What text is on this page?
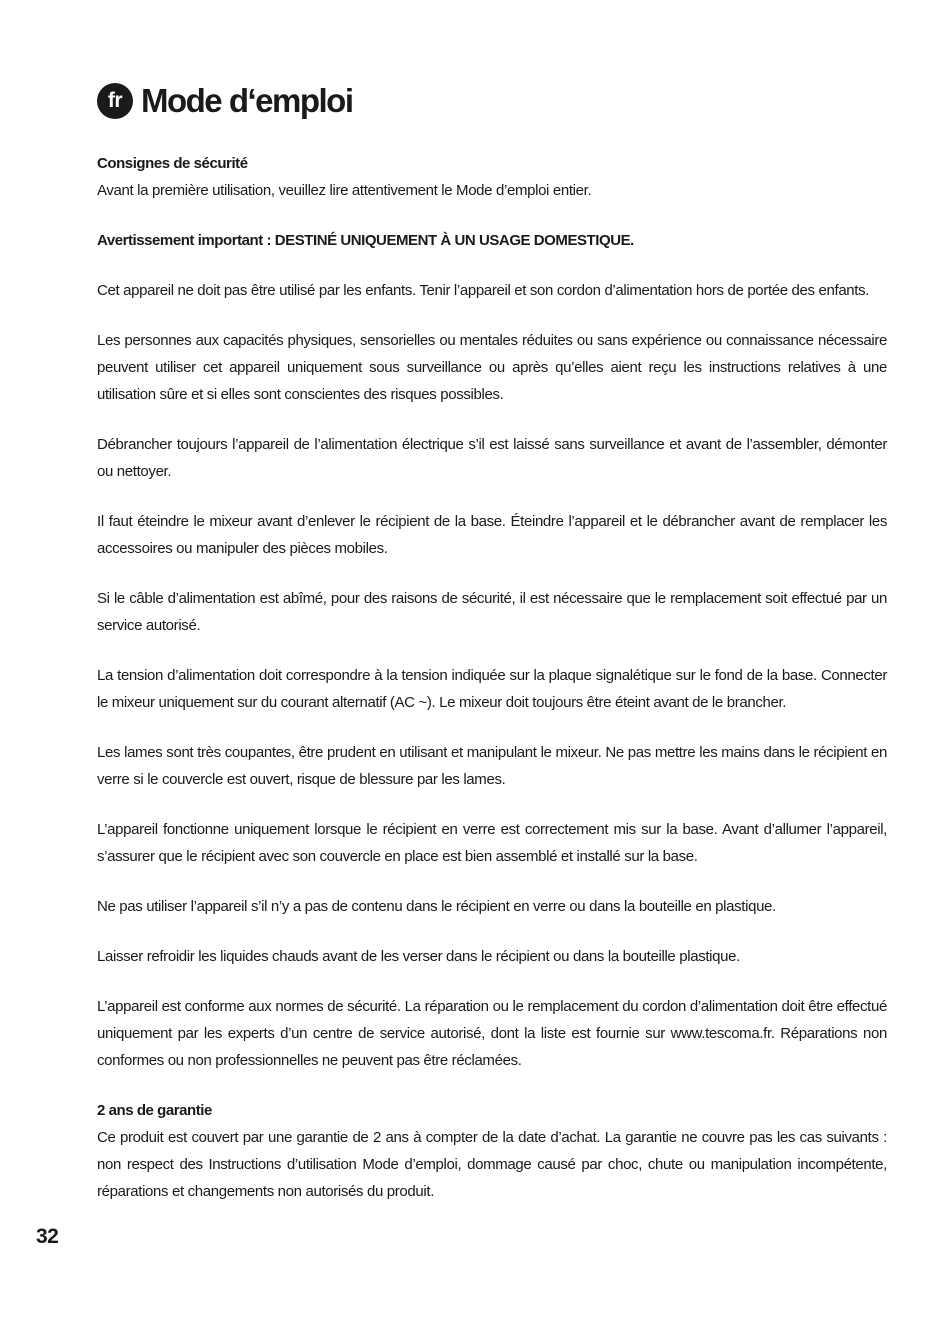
fr Mode d‘emploi

Consignes de sécurité

Avant la première utilisation, veuillez lire attentivement le Mode d’emploi entier.

Avertissement important : DESTINÉ UNIQUEMENT À UN USAGE DOMESTIQUE.

Cet appareil ne doit pas être utilisé par les enfants. Tenir l’appareil et son cordon d’alimentation hors de portée des enfants.

Les personnes aux capacités physiques, sensorielles ou mentales réduites ou sans expérience ou connaissance nécessaire peuvent utiliser cet appareil uniquement sous surveillance ou après qu’elles aient reçu les instructions relatives à une utilisation sûre et si elles sont conscientes des risques possibles.

Débrancher toujours l’appareil de l’alimentation électrique s’il est laissé sans surveillance et avant de l’assembler, démonter ou nettoyer.

Il faut éteindre le mixeur avant d’enlever le récipient de la base. Éteindre l’appareil et le débrancher avant de remplacer les accessoires ou manipuler des pièces mobiles.

Si le câble d’alimentation est abîmé, pour des raisons de sécurité, il est nécessaire que le remplacement soit effectué par un service autorisé.

La tension d’alimentation doit correspondre à la tension indiquée sur la plaque signalétique sur le fond de la base. Connecter le mixeur uniquement sur du courant alternatif (AC ~). Le mixeur doit toujours être éteint avant de le brancher.

Les lames sont très coupantes, être prudent en utilisant et manipulant le mixeur. Ne pas mettre les mains dans le récipient en verre si le couvercle est ouvert, risque de blessure par les lames.

L’appareil fonctionne uniquement lorsque le récipient en verre est correctement mis sur la base. Avant d’allumer l’appareil, s’assurer que le récipient avec son couvercle en place est bien assemblé et installé sur la base.

Ne pas utiliser l’appareil s’il n’y a pas de contenu dans le récipient en verre ou dans la bouteille en plastique.

Laisser refroidir les liquides chauds avant de les verser dans le récipient ou dans la bouteille plastique.

L’appareil est conforme aux normes de sécurité. La réparation ou le remplacement du cordon d’alimentation doit être effectué uniquement par les experts d’un centre de service autorisé, dont la liste est fournie sur www.tescoma.fr. Réparations non conformes ou non professionnelles ne peuvent pas être réclamées.

2 ans de garantie

Ce produit est couvert par une garantie de 2 ans à compter de la date d’achat. La garantie ne couvre pas les cas suivants : non respect des Instructions d’utilisation Mode d’emploi, dommage causé par choc, chute ou manipulation incompétente, réparations et changements non autorisés du produit.

32
